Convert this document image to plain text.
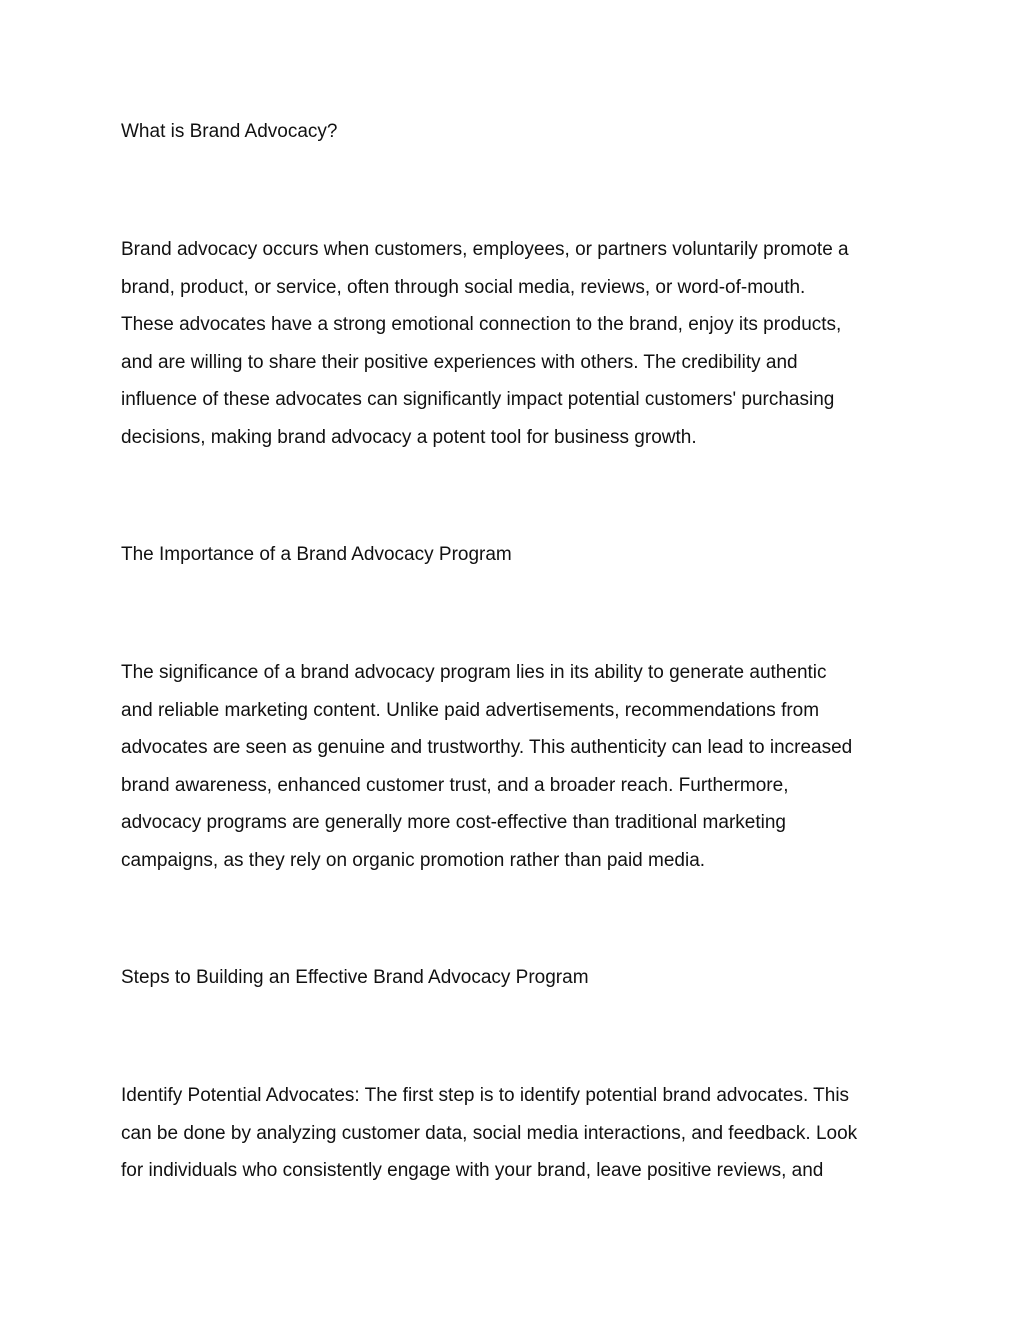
What is Brand Advocacy?

Brand advocacy occurs when customers, employees, or partners voluntarily promote a

brand, product, or service, often through social media, reviews, or word-of-mouth.

These advocates have a strong emotional connection to the brand, enjoy its products,

and are willing to share their positive experiences with others. The credibility and

influence of these advocates can significantly impact potential customers' purchasing

decisions, making brand advocacy a potent tool for business growth.

The Importance of a Brand Advocacy Program

The significance of a brand advocacy program lies in its ability to generate authentic

and reliable marketing content. Unlike paid advertisements, recommendations from

advocates are seen as genuine and trustworthy. This authenticity can lead to increased

brand awareness, enhanced customer trust, and a broader reach. Furthermore,

advocacy programs are generally more cost-effective than traditional marketing

campaigns, as they rely on organic promotion rather than paid media.

Steps to Building an Effective Brand Advocacy Program

Identify Potential Advocates: The first step is to identify potential brand advocates. This

can be done by analyzing customer data, social media interactions, and feedback. Look

for individuals who consistently engage with your brand, leave positive reviews, and
